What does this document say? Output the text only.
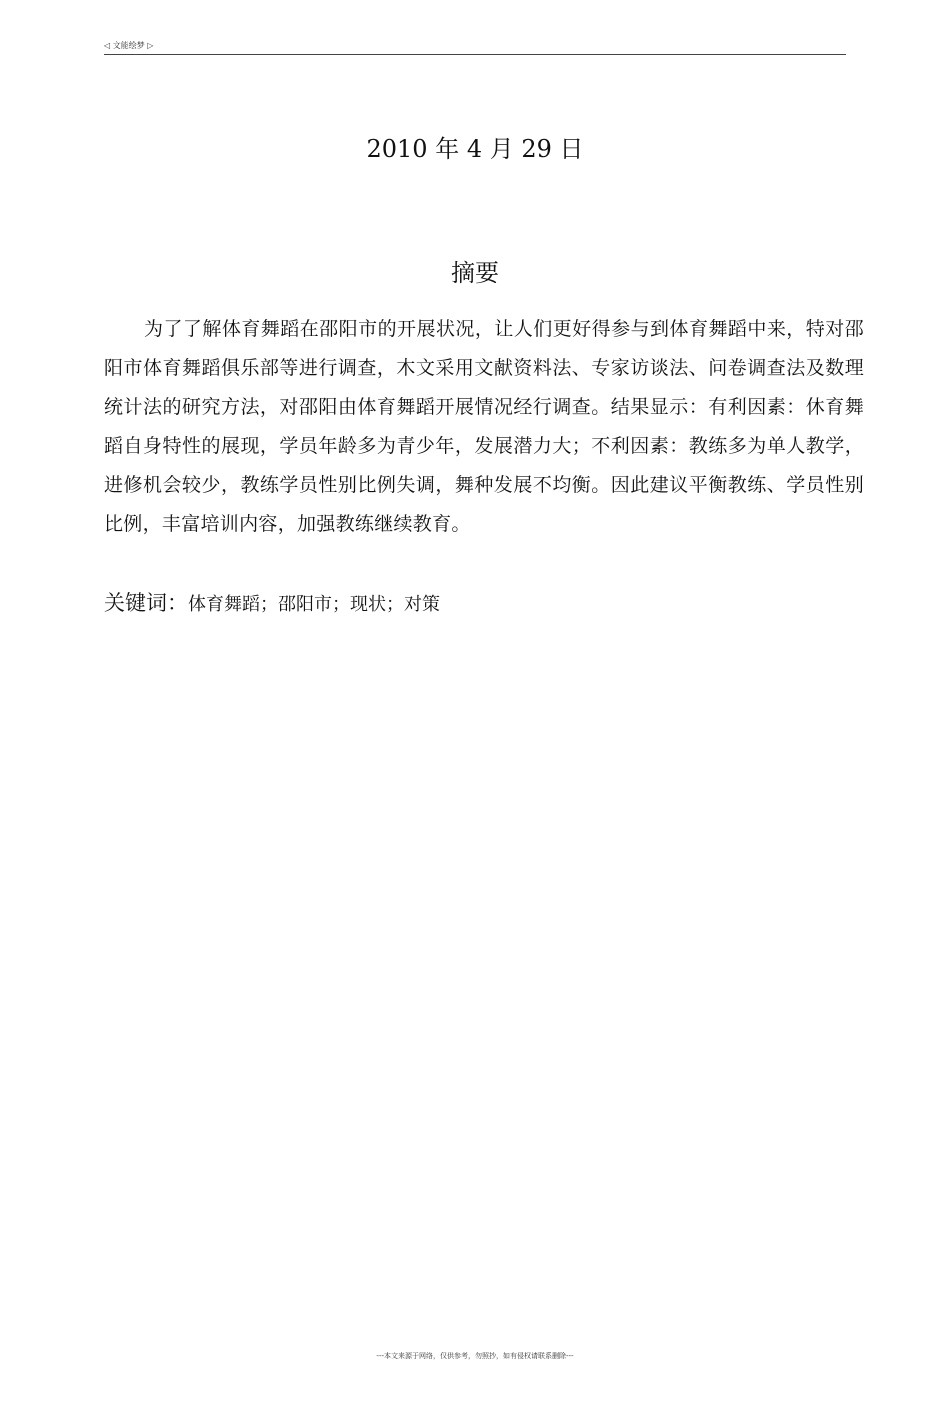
◁ 文能绘梦 ▷
2010 年 4 月 29 日
摘要

为了了解体育舞蹈在邵阳市的开展状况，让人们更好得参与到体育舞蹈中来，特对邵阳市体育舞蹈俱乐部等进行调查，木文采用文献资料法、专家访谈法、问卷调查法及数理统计法的研究方法，对邵阳由体育舞蹈开展情况经行调查。结果显示：有利因素：休育舞蹈自身特性的展现，学员年龄多为青少年，发展潜力大；不利因素：教练多为单人教学，进修机会较少，教练学员性别比例失调，舞种发展不均衡。因此建议平衡教练、学员性别比例，丰富培训内容，加强教练继续教育。

关键词：体育舞蹈；邵阳市；现状；对策
---本文来源于网络，仅供参考，勿照抄，如有侵权请联系删除---
